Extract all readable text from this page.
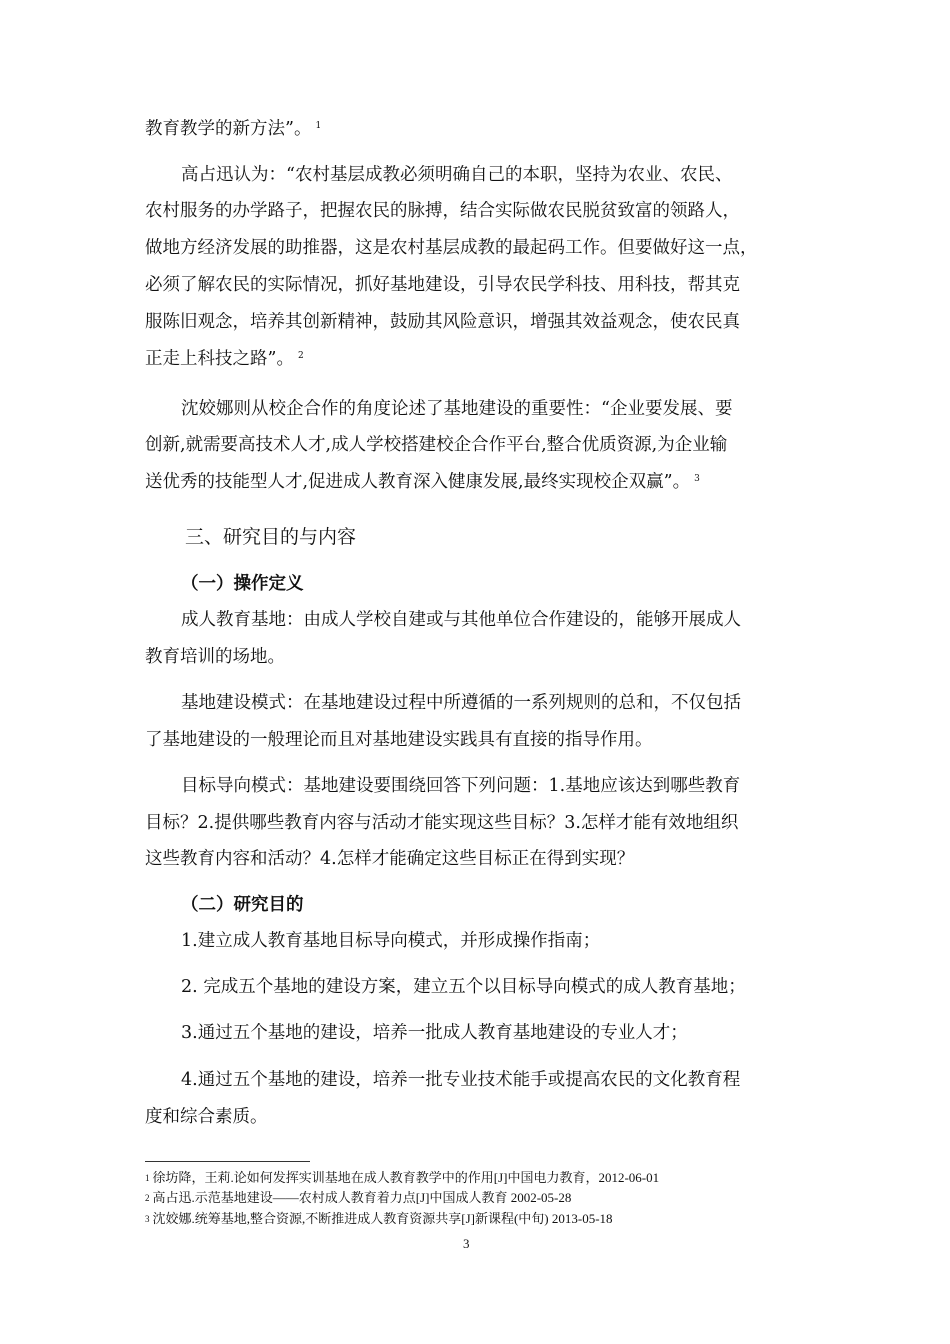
教育教学的新方法”。 $^1$
高占迅认为：“农村基层成教必须明确自己的本职，坚持为农业、农民、
农村服务的办学路子，把握农民的脉搏，结合实际做农民脱贫致富的领路人，
做地方经济发展的助推器，这是农村基层成教的最起码工作。但要做好这一点，
必须了解农民的实际情况，抓好基地建设，引导农民学科技、用科技，帮其克
服陈旧观念，培养其创新精神，鼓励其风险意识，增强其效益观念，使农民真
正走上科技之路”。 $^2$
沈姣娜则从校企合作的角度论述了基地建设的重要性：“企业要发展、要
创新,就需要高技术人才,成人学校搭建校企合作平台,整合优质资源,为企业输
送优秀的技能型人才,促进成人教育深入健康发展,最终实现校企双赢”。 $^3$
三、研究目的与内容
（一）操作定义
成人教育基地：由成人学校自建或与其他单位合作建设的，能够开展成人
教育培训的场地。
基地建设模式：在基地建设过程中所遵循的一系列规则的总和，不仅包括
了基地建设的一般理论而且对基地建设实践具有直接的指导作用。
目标导向模式：基地建设要围绕回答下列问题：1.基地应该达到哪些教育
目标？2.提供哪些教育内容与活动才能实现这些目标？3.怎样才能有效地组织
这些教育内容和活动？4.怎样才能确定这些目标正在得到实现？
（二）研究目的
1.建立成人教育基地目标导向模式，并形成操作指南；
2. 完成五个基地的建设方案，建立五个以目标导向模式的成人教育基地；
3.通过五个基地的建设，培养一批成人教育基地建设的专业人才；
4.通过五个基地的建设，培养一批专业技术能手或提高农民的文化教育程
度和综合素质。
$^1$ 徐坊降，王莉.论如何发挥实训基地在成人教育教学中的作用[J]中国电力教育，2012-06-01
$^2$ 高占迅.示范基地建设——农村成人教育着力点[J]中国成人教育 2002-05-28
$^3$ 沈姣娜.统筹基地,整合资源,不断推进成人教育资源共享[J]新课程(中旬) 2013-05-18
3
